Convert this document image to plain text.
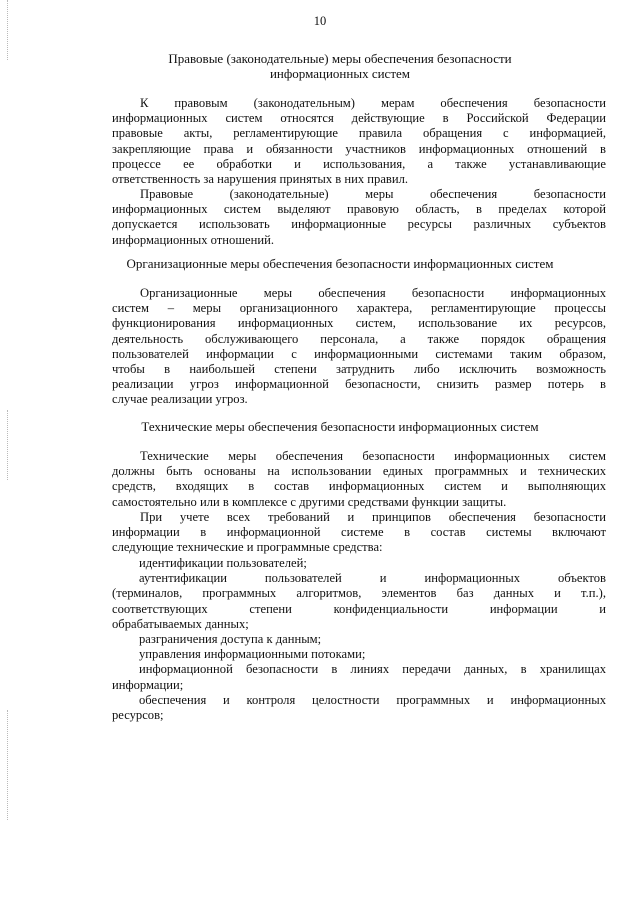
10
Правовые (законодательные) меры обеспечения безопасности
информационных систем
К правовым (законодательным) мерам обеспечения безопасности
информационных систем относятся действующие в Российской Федерации
правовые акты, регламентирующие правила обращения с информацией,
закрепляющие права и обязанности участников информационных отношений в
процессе ее обработки и использования, а также устанавливающие
ответственность за нарушения принятых в них правил.
Правовые (законодательные) меры обеспечения безопасности
информационных систем выделяют правовую область, в пределах которой
допускается использовать информационные ресурсы различных субъектов
информационных отношений.
Организационные меры обеспечения безопасности информационных систем
Организационные меры обеспечения безопасности информационных
систем – меры организационного характера, регламентирующие процессы
функционирования информационных систем, использование их ресурсов,
деятельность обслуживающего персонала, а также порядок обращения
пользователей информации с информационными системами таким образом,
чтобы в наибольшей степени затруднить либо исключить возможность
реализации угроз информационной безопасности, снизить размер потерь в
случае реализации угроз.
Технические меры обеспечения безопасности информационных систем
Технические меры обеспечения безопасности информационных систем
должны быть основаны на использовании единых программных и технических
средств, входящих в состав информационных систем и выполняющих
самостоятельно или в комплексе с другими средствами функции защиты.
При учете всех требований и принципов обеспечения безопасности
информации в информационной системе в состав системы включают
следующие технические и программные средства:
идентификации пользователей;
аутентификации пользователей и информационных объектов
(терминалов, программных алгоритмов, элементов баз данных и т.п.),
соответствующих степени конфиденциальности информации и
обрабатываемых данных;
разграничения доступа к данным;
управления информационными потоками;
информационной безопасности в линиях передачи данных, в хранилищах
информации;
обеспечения и контроля целостности программных и информационных
ресурсов;
